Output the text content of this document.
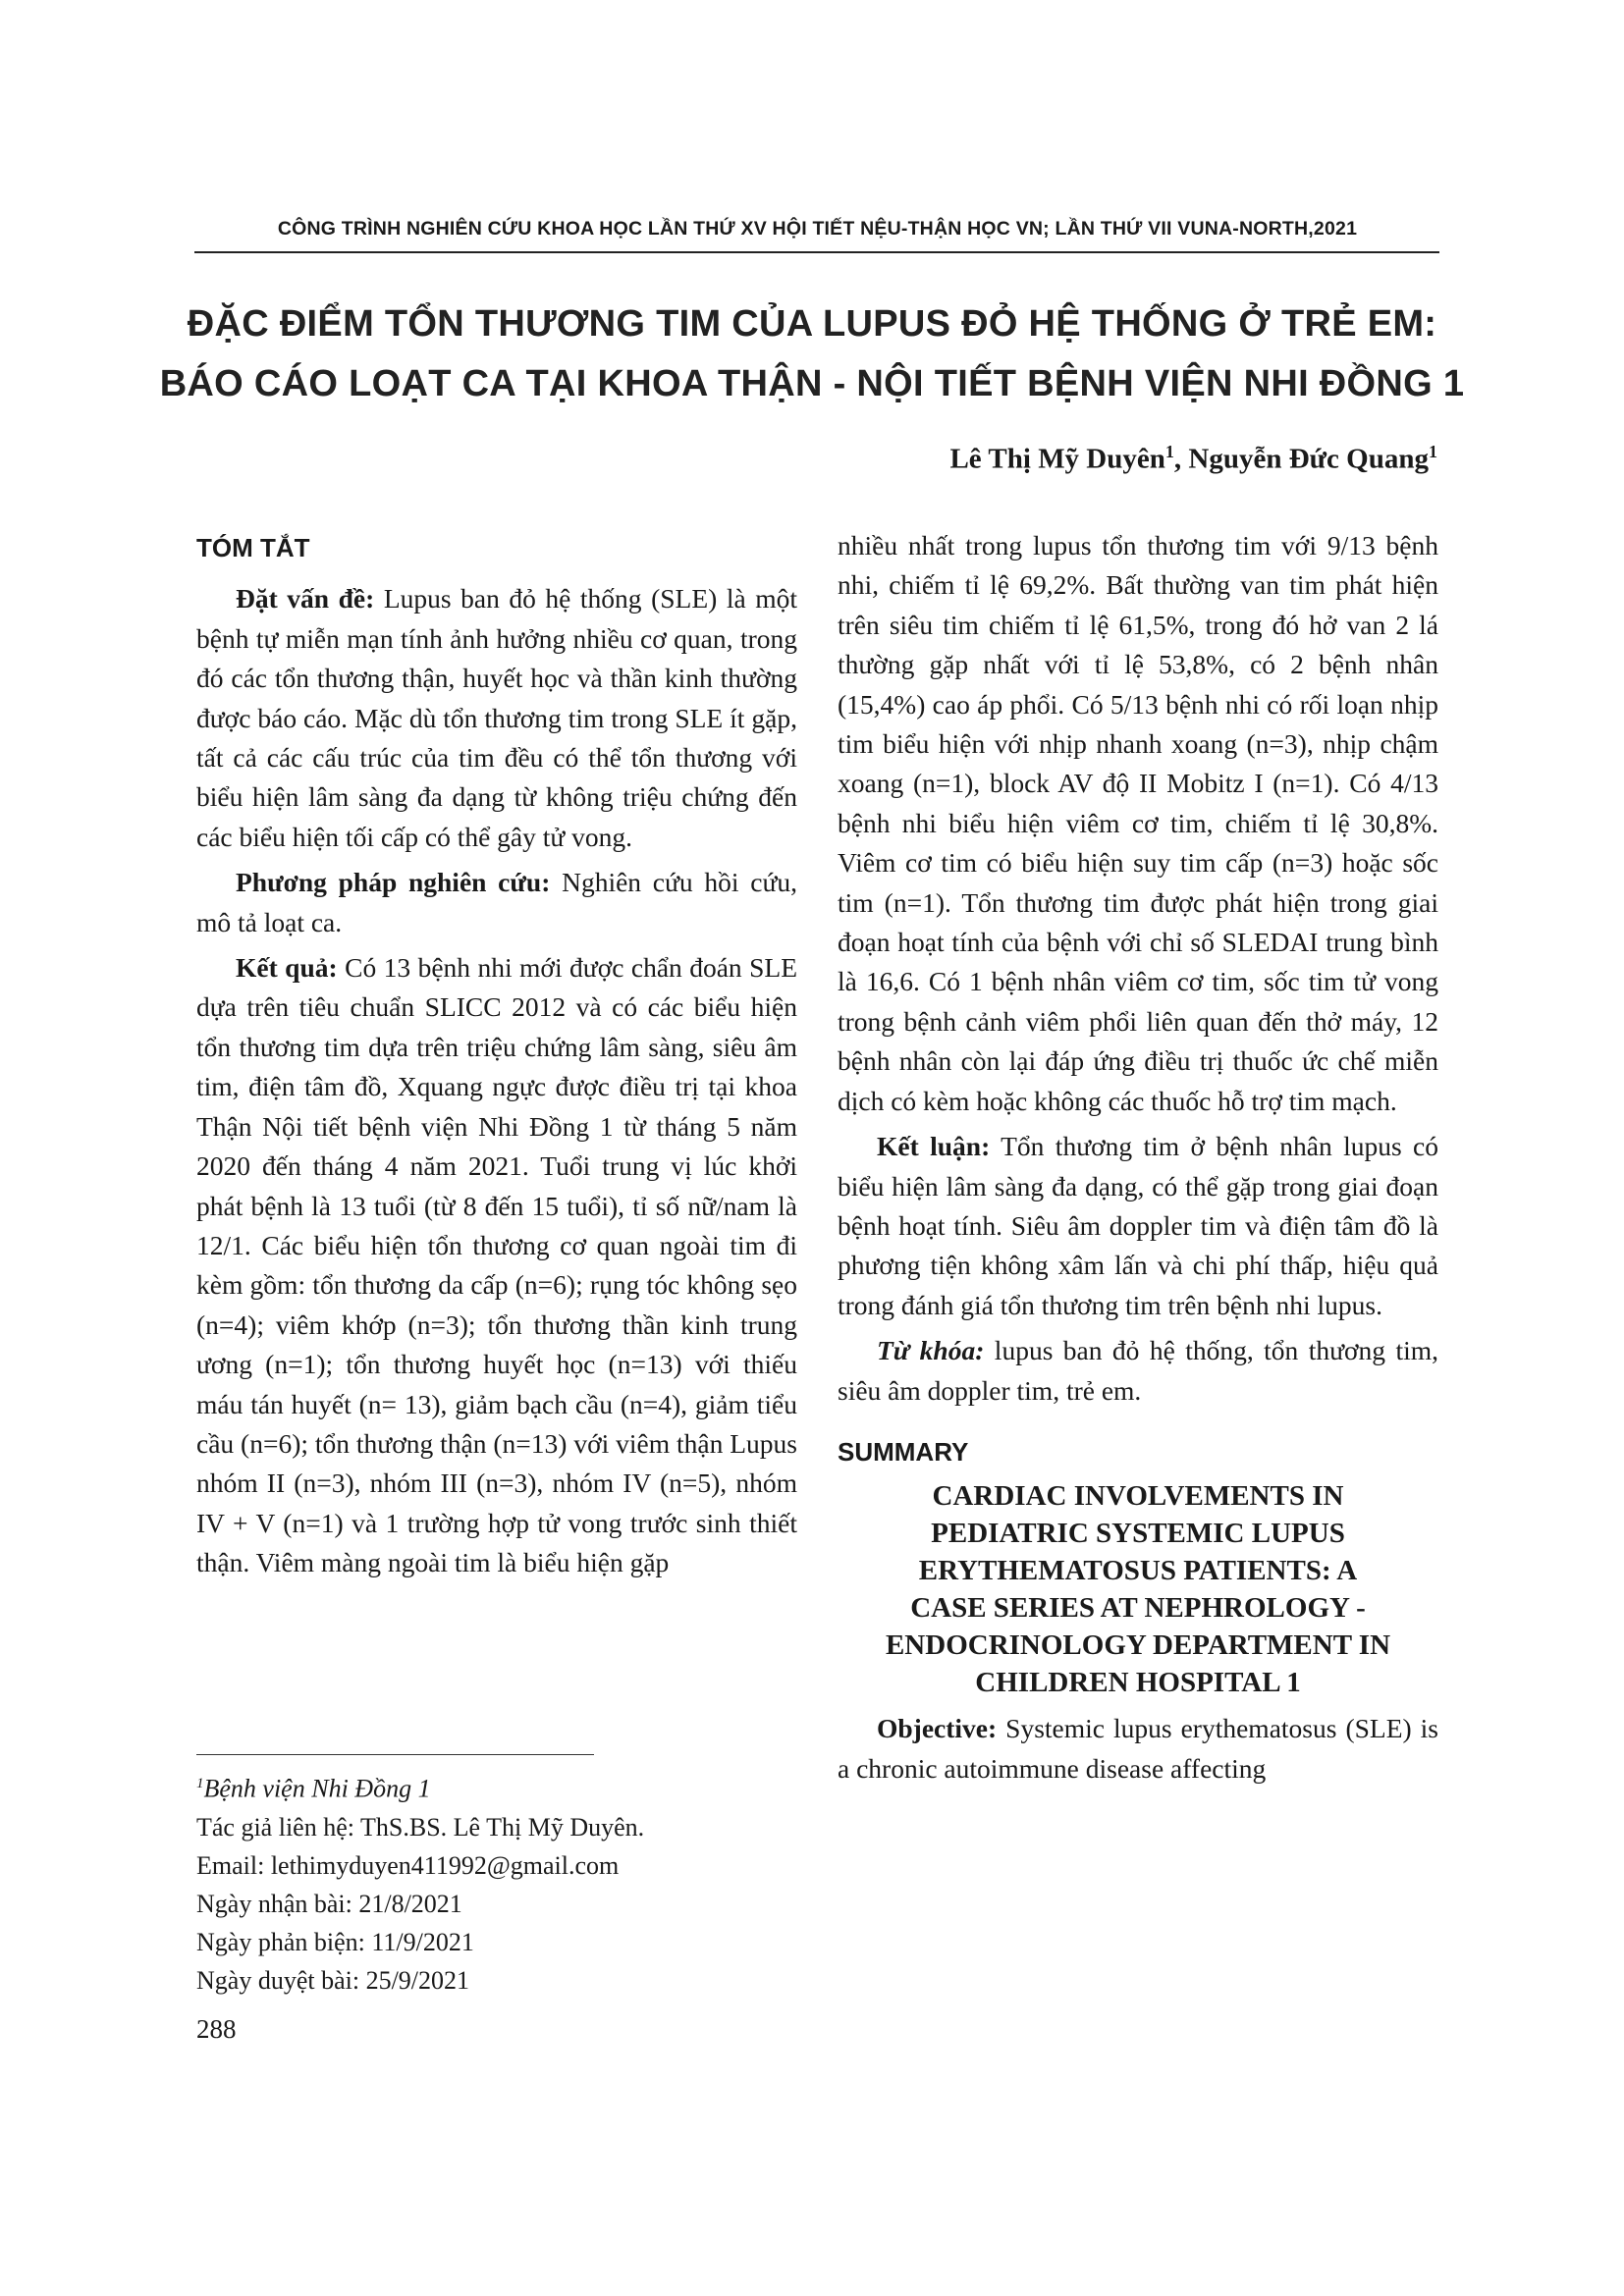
CÔNG TRÌNH NGHIÊN CỨU KHOA HỌC LẦN THỨ XV HỘI TIẾT NỆU-THẬN HỌC VN; LẦN THỨ VII VUNA-NORTH,2021
ĐẶC ĐIỂM TỔN THƯƠNG TIM CỦA LUPUS ĐỎ HỆ THỐNG Ở TRẺ EM:
BÁO CÁO LOẠT CA TẠI KHOA THẬN - NỘI TIẾT BỆNH VIỆN NHI ĐỒNG 1
Lê Thị Mỹ Duyên$^1$, Nguyễn Đức Quang$^1$
TÓM TẮT

Đặt vấn đề: Lupus ban đỏ hệ thống (SLE) là một bệnh tự miễn mạn tính ảnh hưởng nhiều cơ quan, trong đó các tổn thương thận, huyết học và thần kinh thường được báo cáo. Mặc dù tổn thương tim trong SLE ít gặp, tất cả các cấu trúc của tim đều có thể tổn thương với biểu hiện lâm sàng đa dạng từ không triệu chứng đến các biểu hiện tối cấp có thể gây tử vong.

Phương pháp nghiên cứu: Nghiên cứu hồi cứu, mô tả loạt ca.

Kết quả: Có 13 bệnh nhi mới được chẩn đoán SLE dựa trên tiêu chuẩn SLICC 2012 và có các biểu hiện tổn thương tim dựa trên triệu chứng lâm sàng, siêu âm tim, điện tâm đồ, Xquang ngực được điều trị tại khoa Thận Nội tiết bệnh viện Nhi Đồng 1 từ tháng 5 năm 2020 đến tháng 4 năm 2021. Tuổi trung vị lúc khởi phát bệnh là 13 tuổi (từ 8 đến 15 tuổi), tỉ số nữ/nam là 12/1. Các biểu hiện tổn thương cơ quan ngoài tim đi kèm gồm: tổn thương da cấp (n=6); rụng tóc không sẹo (n=4); viêm khớp (n=3); tổn thương thần kinh trung ương (n=1); tổn thương huyết học (n=13) với thiếu máu tán huyết (n= 13), giảm bạch cầu (n=4), giảm tiểu cầu (n=6); tổn thương thận (n=13) với viêm thận Lupus nhóm II (n=3), nhóm III (n=3), nhóm IV (n=5), nhóm IV + V (n=1) và 1 trường hợp tử vong trước sinh thiết thận. Viêm màng ngoài tim là biểu hiện gặp

$^1$Bệnh viện Nhi Đồng 1
Tác giả liên hệ: ThS.BS. Lê Thị Mỹ Duyên.
Email: lethimyduyen411992@gmail.com
Ngày nhận bài: 21/8/2021
Ngày phản biện: 11/9/2021
Ngày duyệt bài: 25/9/2021

nhiều nhất trong lupus tổn thương tim với 9/13 bệnh nhi, chiếm tỉ lệ 69,2%. Bất thường van tim phát hiện trên siêu tim chiếm tỉ lệ 61,5%, trong đó hở van 2 lá thường gặp nhất với tỉ lệ 53,8%, có 2 bệnh nhân (15,4%) cao áp phổi. Có 5/13 bệnh nhi có rối loạn nhịp tim biểu hiện với nhịp nhanh xoang (n=3), nhịp chậm xoang (n=1), block AV độ II Mobitz I (n=1). Có 4/13 bệnh nhi biểu hiện viêm cơ tim, chiếm tỉ lệ 30,8%. Viêm cơ tim có biểu hiện suy tim cấp (n=3) hoặc sốc tim (n=1). Tổn thương tim được phát hiện trong giai đoạn hoạt tính của bệnh với chỉ số SLEDAI trung bình là 16,6. Có 1 bệnh nhân viêm cơ tim, sốc tim tử vong trong bệnh cảnh viêm phổi liên quan đến thở máy, 12 bệnh nhân còn lại đáp ứng điều trị thuốc ức chế miễn dịch có kèm hoặc không các thuốc hỗ trợ tim mạch.

Kết luận: Tổn thương tim ở bệnh nhân lupus có biểu hiện lâm sàng đa dạng, có thể gặp trong giai đoạn bệnh hoạt tính. Siêu âm doppler tim và điện tâm đồ là phương tiện không xâm lấn và chi phí thấp, hiệu quả trong đánh giá tổn thương tim trên bệnh nhi lupus.

Từ khóa: lupus ban đỏ hệ thống, tổn thương tim, siêu âm doppler tim, trẻ em.

SUMMARY
CARDIAC INVOLVEMENTS IN
PEDIATRIC SYSTEMIC LUPUS
ERYTHEMATOSUS PATIENTS: A
CASE SERIES AT NEPHROLOGY -
ENDOCRINOLOGY DEPARTMENT IN
CHILDREN HOSPITAL 1

Objective: Systemic lupus erythematosus (SLE) is a chronic autoimmune disease affecting

288
